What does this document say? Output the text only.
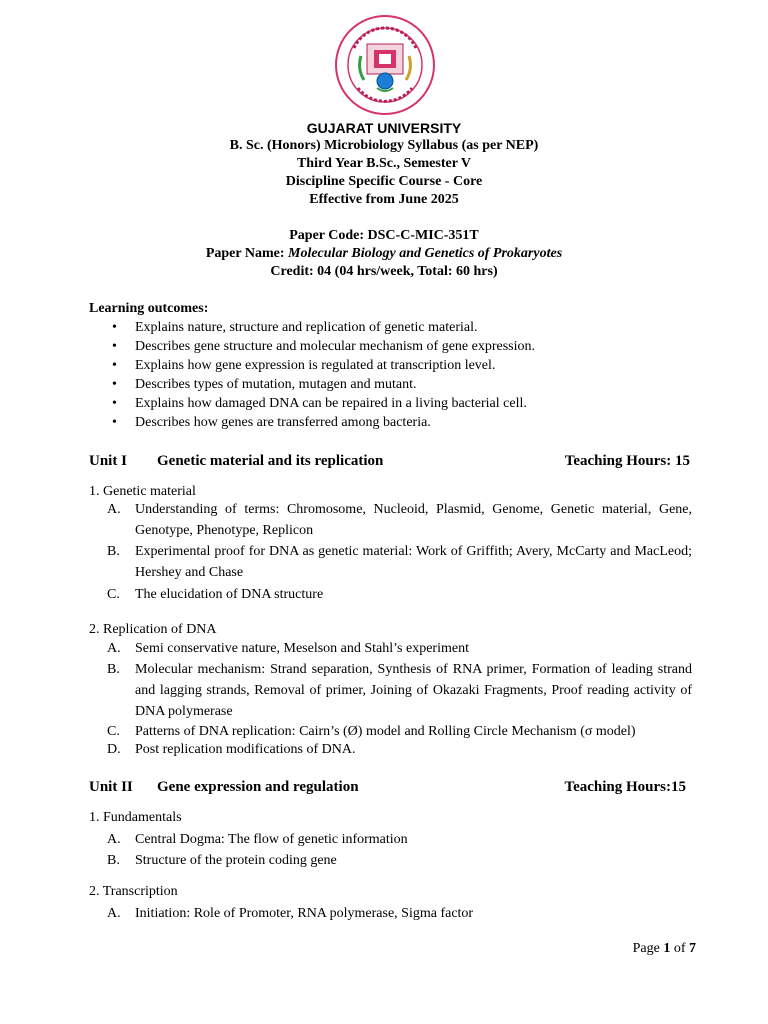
GUJARAT UNIVERSITY
B. Sc. (Honors) Microbiology Syllabus (as per NEP)
Third Year B.Sc., Semester V
Discipline Specific Course - Core
Effective from June 2025
Paper Code: DSC-C-MIC-351T
Paper Name: Molecular Biology and Genetics of Prokaryotes
Credit: 04 (04 hrs/week, Total: 60 hrs)
Learning outcomes:
• Explains nature, structure and replication of genetic material.
• Describes gene structure and molecular mechanism of gene expression.
• Explains how gene expression is regulated at transcription level.
• Describes types of mutation, mutagen and mutant.
• Explains how damaged DNA can be repaired in a living bacterial cell.
• Describes how genes are transferred among bacteria.
Unit I Genetic material and its replication	Teaching Hours: 15
1. Genetic material
A. Understanding of terms: Chromosome, Nucleoid, Plasmid, Genome, Genetic material, Gene, Genotype, Phenotype, Replicon
B. Experimental proof for DNA as genetic material: Work of Griffith; Avery, McCarty and MacLeod; Hershey and Chase
C. The elucidation of DNA structure
2. Replication of DNA
A. Semi conservative nature, Meselson and Stahl’s experiment
B. Molecular mechanism: Strand separation, Synthesis of RNA primer, Formation of leading strand and lagging strands, Removal of primer, Joining of Okazaki Fragments, Proof reading activity of DNA polymerase
C. Patterns of DNA replication: Cairn’s (Ø) model and Rolling Circle Mechanism (σ model)
D. Post replication modifications of DNA.
Unit II Gene expression and regulation	Teaching Hours:15
1. Fundamentals
A. Central Dogma: The flow of genetic information
B. Structure of the protein coding gene
2. Transcription
A. Initiation: Role of Promoter, RNA polymerase, Sigma factor
Page 1 of 7
